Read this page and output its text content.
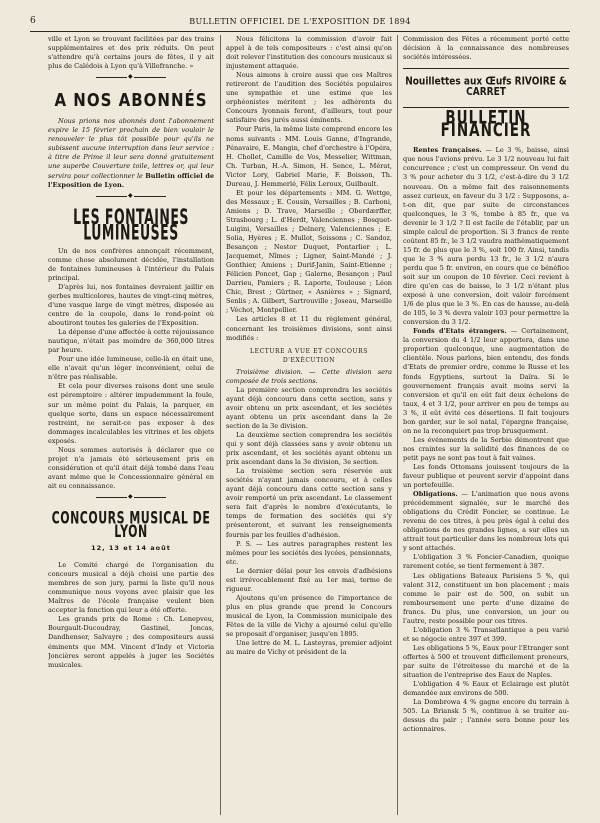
6	BULLETIN OFFICIEL DE L'EXPOSITION DE 1894

ville et Lyon se trouvant facilitées par des trains supplémentaires et des prix réduits. On peut s'attendre qu'à certains jours de fêtes, il y ait plus de Calédois à Lyon qu'à Villefranche. »

◆
A NOS ABONNÉS

Nous prions nos abonnés dont l'abonnement expire le 15 février prochain de bien vouloir le renouveler le plus tôt possible pour qu'ils ne subissent aucune interruption dans leur service : à titre de Prime il leur sera donné gratuitement une superbe Couverture toile, lettres or, qui leur servira pour collectionner le Bulletin officiel de l'Exposition de Lyon.

◆
LES FONTAINES LUMINEUSES

Un de nos confrères annonçait récemment, comme chose absolument décidée, l'installation de fontaines lumineuses à l'intérieur du Palais principal.

D'après lui, nos fontaines devraient jaillir en gerbes multicolores, hautes de vingt-cinq mètres, d'une vasque large de vingt mètres, disposée au centre de la coupole, dans le rond-point où aboutiront toutes les galeries de l'Exposition.

La dépense d'une affectée à cette réjouissance nautique, n'était pas moindre de 360,000 litres par heure.

Pour une idée lumineuse, celle-là en était une, elle n'avait qu'un léger inconvénient, celui de n'être pas réalisable.

Et cela pour diverses raisons dont une seule est péremptoire : altérer impudemment la foule, sur un même point du Palais, la parquer, en quelque sorte, dans un espace nécessairement restreint, ne serait-ce pas exposer à des dommages incalculables les vitrines et les objets exposés.

Nous sommes autorisés à déclarer que ce projet n'a jamais été sérieusement pris en considération et qu'il était déjà tombé dans l'eau avant même que le Concessionnaire général en ait eu connaissance.

◆
CONCOURS MUSICAL DE LYON
12, 13 et 14 août

Le Comité chargé de l'organisation du concours musical a déjà choisi une partie des membres de son jury, parmi la liste qu'il nous communique nous voyons avec plaisir que les Maîtres de l'école française veulent bien accepter la fonction qui leur a été offerte.

Les grands prix de Rome : Ch. Lenepveu, Bourgault-Ducoudray, Gastinel, Joncas, Dandhenser, Salvayre ; des compositeurs aussi éminents que MM. Vincent d'Indy et Victoria Joncières seront appelés à juger les Sociétés musicales.

Nous félicitons la commission d'avoir fait appel à de tels compositeurs : c'est ainsi qu'on doit relever l'institution des concours musicaux si injustement attaquée.

Nous aimons à croire aussi que ces Maîtres retireront de l'audition des Sociétés populaires une sympathie et une estime que les orphéonistes méritent ; les adhérents du Concours lyonnais feront, d'ailleurs, tout pour satisfaire des jurés aussi éminents.

Pour Paris, la même liste comprend encore les noms suivants : MM. Louis Ganne, d'Ingrande, Pénavaire, E. Mangin, chef d'orchestre à l'Opéra, H. Chollet, Camille de Vos, Messelier, Wittman, Ch. Turban, H.-A. Simon, H. Sence, L. Mérat, Victor Lory, Gabriel Marie, F. Boisson, Th. Dureau, J. Hemmerlé, Félix Leroux, Guilbault.

Et pour les départements : MM. G. Wettge, des Messaux ; E. Cousin, Versailles ; B. Carboni, Amiens ; D. Trave, Marseille ; Oberdærffer, Strasbourg ; L. d'Herdt, Valenciennes ; Bosquet-Luigini, Versailles ; Delnery, Valenciennes ; E. Solia, Hyères ; E. Mullot, Soissons ; C. Sandoz, Besançon ; Nestor Duquet, Pontarlier ; L. Jacquemet, Nîmes ; Ligner, Saint-Mandé ; J. Gonthier, Amiens ; Durif-Janin, Saint-Etienne ; Félicien Poncet, Gap ; Galerne, Besançon ; Paul Darrieu, Pamiers ; R. Laporte, Toulouse ; Léon Chic, Brest ; Gürtner, « Asnières » ; Signard, Senlis ; A. Gilbert, Sartrouville ; Joseau, Marseille ; Véchot, Montpellier.

Les articles 8 et 11 du règlement général, concernant les troisièmes divisions, sont ainsi modifiés :

LECTURE A VUE ET CONCOURS D'EXÉCUTION

Troisième division. — Cette division sera composée de trois sections.

La première section comprendra les sociétés ayant déjà concouru dans cette section, sans y avoir obtenu un prix ascendant, et les sociétés ayant obtenu un prix ascendant dans la 2e section de la 3e division.

La deuxième section comprendra les sociétés qui y sont déjà classées sans y avoir obtenu un prix ascendant, et les sociétés ayant obtenu un prix ascendant dans la 3e division, 3e section.

La troisième section sera réservée aux sociétés n'ayant jamais concouru, et à celles ayant déjà concouru dans cette section sans y avoir remporté un prix ascendant. Le classement sera fait d'après le nombre d'exécutants, le temps de formation des sociétés qui s'y présenteront, et suivant les renseignements fournis par les feuilles d'adhésion.

P. S. — Les autres paragraphes restent les mêmes pour les sociétés des lycées, pensionnats, etc.

Le dernier délai pour les envois d'adhésions est irrévocablement fixé au 1er mai, terme de rigueur.

Ajoutons qu'en présence de l'importance de plus en plus grande que prend le Concours musical de Lyon, la Commission municipale des Fêtes de la ville de Vichy a ajourné celui qu'elle se proposait d'organiser, jusqu'en 1895.

Une lettre de M. L. Lasteyras, premier adjoint au maire de Vichy et président de la

Commission des Fêtes a récemment porté cette décision à la connaissance des nombreuses sociétés intéressées.

Nouillettes aux Œufs RIVOIRE & CARRET
BULLETIN FINANCIER

Rentes françaises. — Le 3 %, baisse, ainsi que nous l'avions prévu. Le 3 1/2 nouveau lui fait concurrence ; c'est un compresseur. On vend du 3 % pour acheter du 3 1/2, c'est-à-dire du 3 1/2 nouveau. On a même fait des raisonnements assez curieux, en faveur du 3 1/2 : Supposons, a-t-on dit, que par suite de circonstances quelconques, le 3 %, tombe à 85 fr., que va devenir le 3 1/2 ? Il est facile de l'établir, par un simple calcul de proportion. Si 3 francs de rente coûtent 85 fr., le 3 1/2 vaudra mathématiquement 15 fr. de plus que le 3 %, soit 100 fr. Ainsi, tandis que le 3 % aura perdu 13 fr., le 3 1/2 n'aura perdu que 5 fr. environ, en cours que ce bénéfice soit sur un coupon de 10 février. Ceci revient à dire qu'en cas de baisse, le 3 1/2 n'étant plus exposé à une conversion, doit valoir forcément 1/6 de plus que le 3 %. En cas de hausse, au-delà de 105, le 3 % devra valoir 103 pour permettre la conversion du 3 1/2.

Fonds d'Etats étrangers. — Certainement, la conversion du 4 1/2 leur apportera, dans une proportion quelconque, une augmentation de clientèle. Nous parlons, bien entendu, des fonds d'Etats de premier ordre, comme le Russe et les fonds Egyptiens, surtout la Daïra. Si le gouvernement français avait moins servi la conversion et qu'il en eût fait deux échelons de taux, 4 et 3 1/2, pour arriver en peu de temps au 3 %, il eût évité ces désertions. Il fait toujours bon garder, sur le sol natal, l'épargne française, on ne la reconquiert pas trop brusquement.

Les événements de la Serbie démontrent que nos craintes sur la solidité des finances de ce petit pays ne sont pas tout à fait vaines.

Les fonds Ottomans jouissent toujours de la faveur publique et peuvent servir d'appoint dans un portefeuille.

Obligations. — L'animation que nous avons précédemment signalée, sur le marché des obligations du Crédit Foncier, se continue. Le revenu de ces titres, à peu près égal à celui des obligations de nos grandes lignes, a sur elles un attrait tout particulier dans les nombreux lots qui y sont attachés.

L'obligation 3 % Foncier-Canadien, quoique rarement cotée, se tient fermement à 387.

Les obligations Bateaux Parisiens 5 %, qui valent 312, constituent un bon placement ; mais comme le pair est de 500, on subit un remboursement une perte d'une dizaine de francs. Du plus, une conversion, un jour ou l'autre, reste possible pour ces titres.

L'obligation 3 % Transatlantique a peu varié et se négocie entre 397 et 399.

Les obligations 5 %, Eaux pour l'Etranger sont offertes à 500 et trouvent difficilement preneurs, par suite de l'étroitesse du marché et de la situation de l'entreprise des Eaux de Naples.

L'obligation 4 % Eaux et Eclairage est plutôt demandée aux environs de 500.

La Dombrowa 4 % gagne encore du terrain à 505. La Briansk 5 %, continue à se traiter au-dessus du pair ; l'année sera bonne pour les actionnaires.
